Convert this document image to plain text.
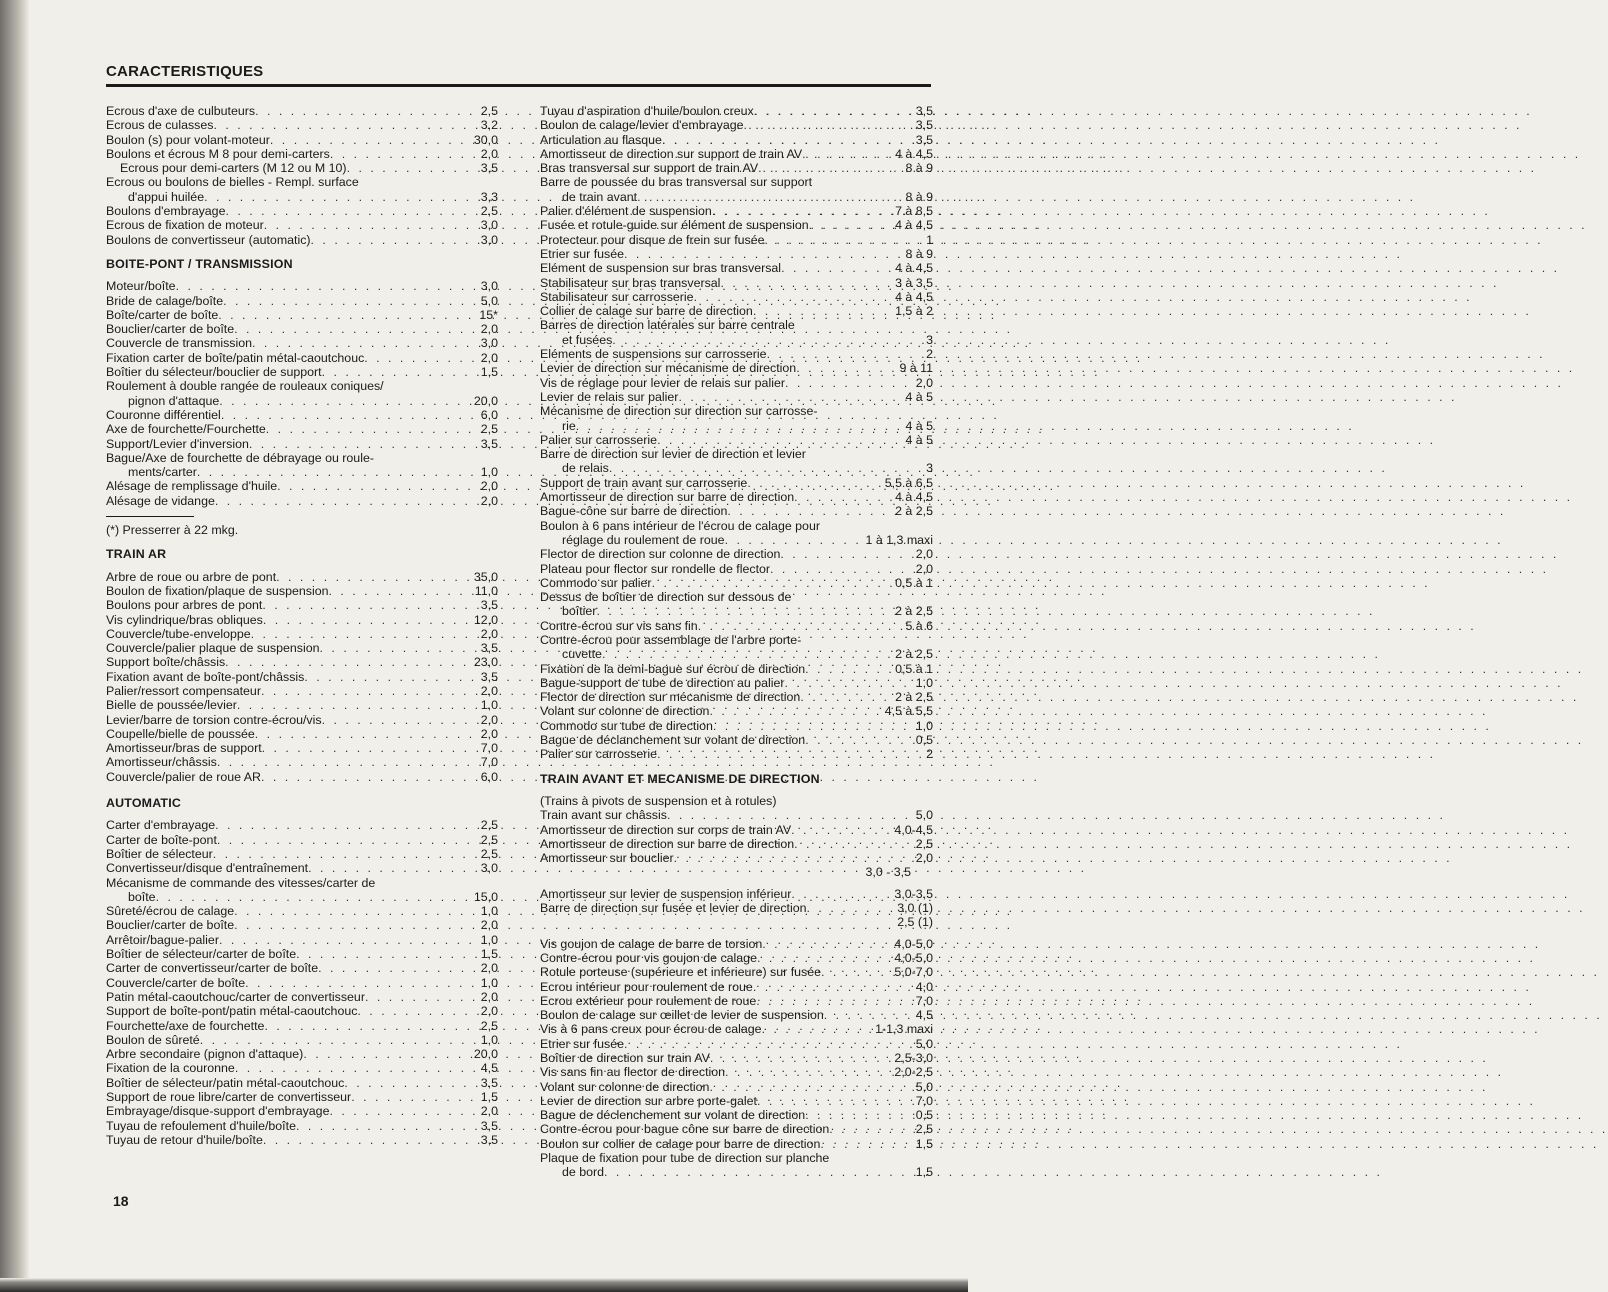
CARACTERISTIQUES
Ecrous d'axe de culbuteurs . . .	2,5
Ecrous de culasses . . .	3,2
Boulon (s) pour volant-moteur . . .	30,0
Boulons et écrous M 8 pour demi-carters . . .	2,0
Ecrous pour demi-carters (M 12 ou M 10) . . .	3,5
Ecrous ou boulons de bielles - Rempl. surface
d'appui huilée . . .	3,3
Boulons d'embrayage . . .	2,5
Ecrous de fixation de moteur . . .	3,0
Boulons de convertisseur (automatic) . . .	3,0
BOITE-PONT / TRANSMISSION
Moteur/boîte . . .	3,0
Bride de calage/boîte . . .	5,0
Boîte/carter de boîte . . .	15*
Bouclier/carter de boîte . . .	2,0
Couvercle de transmission . . .	3,0
Fixation carter de boîte/patin métal-caoutchouc . . .	2,0
Boîtier du sélecteur/bouclier de support . . .	1,5
Roulement à double rangée de rouleaux coniques/
pignon d'attaque . . .	20,0
Couronne différentiel . . .	6,0
Axe de fourchette/Fourchette . . .	2,5
Support/Levier d'inversion . . .	3,5
Bague/Axe de fourchette de débrayage ou roule-
ments/carter . . .	1,0
Alésage de remplissage d'huile . . .	2,0
Alésage de vidange . . .	2,0
(*) Presserrer à 22 mkg.
TRAIN AR
Arbre de roue ou arbre de pont . . .	35,0
Boulon de fixation/plaque de suspension . . .	11,0
Boulons pour arbres de pont . . .	3,5
Vis cylindrique/bras obliques . . .	12,0
Couvercle/tube-enveloppe . . .	2,0
Couvercle/palier plaque de suspension . . .	3,5
Support boîte/châssis . . .	23,0
Fixation avant de boîte-pont/châssis . . .	3,5
Palier/ressort compensateur . . .	2,0
Bielle de poussée/levier . . .	1,0
Levier/barre de torsion contre-écrou/vis . . .	2,0
Coupelle/bielle de poussée . . .	2,0
Amortisseur/bras de support . . .	7,0
Amortisseur/châssis . . .	7,0
Couvercle/palier de roue AR . . .	6,0
AUTOMATIC
Carter d'embrayage . . .	2,5
Carter de boîte-pont . . .	2,5
Boîtier de sélecteur . . .	2,5
Convertisseur/disque d'entraînement . . .	3,0
Mécanisme de commande des vitesses/carter de
boîte . . .	15,0
Sûreté/écrou de calage . . .	1,0
Bouclier/carter de boîte . . .	2,0
Arrêtoir/bague-palier . . .	1,0
Boîtier de sélecteur/carter de boîte . . .	1,5
Carter de convertisseur/carter de boîte . . .	2,0
Couvercle/carter de boîte . . .	1,0
Patin métal-caoutchouc/carter de convertisseur . . .	2,0
Support de boîte-pont/patin métal-caoutchouc . . .	2,0
Fourchette/axe de fourchette . . .	2,5
Boulon de sûreté . . .	1,0
Arbre secondaire (pignon d'attaque) . . .	20,0
Fixation de la couronne . . .	4,5
Boîtier de sélecteur/patin métal-caoutchouc . . .	3,5
Support de roue libre/carter de convertisseur . . .	1,5
Embrayage/disque-support d'embrayage . . .	2,0
Tuyau de refoulement d'huile/boîte . . .	3,5
Tuyau de retour d'huile/boîte . . .	3,5
Tuyau d'aspiration d'huile/boulon creux . . .	3,5
Boulon de calage/levier d'embrayage . . .	3,5
Articulation au flasque . . .	3,5
Amortisseur de direction sur support de train AV . . .	4 à 4,5
Bras transversal sur support de train AV . . .	8 à 9
Barre de poussée du bras transversal sur support
de train avant . . .	8 à 9
Palier d'élément de suspension . . .	7 à 8,5
Fusée et rotule-guide sur élément de suspension . . .	4 à 4,5
Protecteur pour disque de frein sur fusée . . .	1
Etrier sur fusée . . .	8 à 9
Elément de suspension sur bras transversal . . .	4 à 4,5
Stabilisateur sur bras transversal . . .	3 à 3,5
Stabilisateur sur carrosserie . . .	4 à 4,5
Collier de calage sur barre de direction . . .	1,5 à 2
Barres de direction latérales sur barre centrale
et fusées . . .	3
Eléments de suspensions sur carrosserie . . .	2
Levier de direction sur mécanisme de direction . . .	9 à 11
Vis de réglage pour levier de relais sur palier . . .	2,0
Levier de relais sur palier . . .	4 à 5
Mécanisme de direction sur direction sur carrosse-
rie . . .	4 à 5
Palier sur carrosserie . . .	4 à 5
Barre de direction sur levier de direction et levier
de relais . . .	3
Support de train avant sur carrosserie . . .	5,5 à 6,5
Amortisseur de direction sur barre de direction . . .	4 à 4,5
Bague-cône sur barre de direction . . .	2 à 2,5
Boulon à 6 pans intérieur de l'écrou de calage pour
réglage du roulement de roue . . .	1 à 1,3 maxi
Flector de direction sur colonne de direction . . .	2,0
Plateau pour flector sur rondelle de flector . . .	2,0
Commodo sur palier . . .	0,5 à 1
Dessus de boîtier de direction sur dessous de
boîtier . . .	2 à 2,5
Contre-écrou sur vis sans fin . . .	5 à 6
Contre-écrou pour assemblage de l'arbre porte-
cuvette . . .	2 à 2,5
Fixation de la demi-bague sur écrou de direction . . .	0,5 à 1
Bague-support de tube de direction au palier . . .	1,0
Flector de direction sur mécanisme de direction . . .	2 à 2,5
Volant sur colonne de direction . . .	4,5 à 5,5
Commodo sur tube de direction . . .	1,0
Bague de déclanchement sur volant de direction . . .	0,5
Palier sur carrosserie . . .	2
TRAIN AVANT ET MECANISME DE DIRECTION
(Trains à pivots de suspension et à rotules)
Train avant sur châssis . . .	5,0
Amortisseur de direction sur corps de train AV . . .	4,0-4,5
Amortisseur de direction sur barre de direction . . .	2,5
Amortisseur sur bouclier . . .	2,0
3,0 - 3,5
Amortisseur sur levier de suspension inférieur . . .	3,0-3,5
Barre de direction sur fusée et levier de direction . . .	3,0 (1)
2,5 (1)
Vis goujon de calage de barre de torsion . . .	4,0-5,0
Contre-écrou pour vis goujon de calage . . .	4,0-5,0
Rotule porteuse (supérieure et inférieure) sur fusée . . .	5,0-7,0
Ecrou intérieur pour roulement de roue . . .	4,0
Ecrou extérieur pour roulement de roue . . .	7,0
Boulon de calage sur œillet de levier de suspension . . .	4,5
Vis à 6 pans creux pour écrou de calage . . .	1-1,3 maxi
Etrier sur fusée . . .	5,0
Boîtier de direction sur train AV . . .	2,5-3,0
Vis sans fin au flector de direction . . .	2,0-2,5
Volant sur colonne de direction . . .	5,0
Levier de direction sur arbre porte-galet . . .	7,0
Bague de déclenchement sur volant de direction . . .	0,5
Contre-écrou pour bague cône sur barre de direction . . .	2,5
Boulon sur collier de calage pour barre de direction . . .	1,5
Plaque de fixation pour tube de direction sur planche
de bord . . .	1,5
18
